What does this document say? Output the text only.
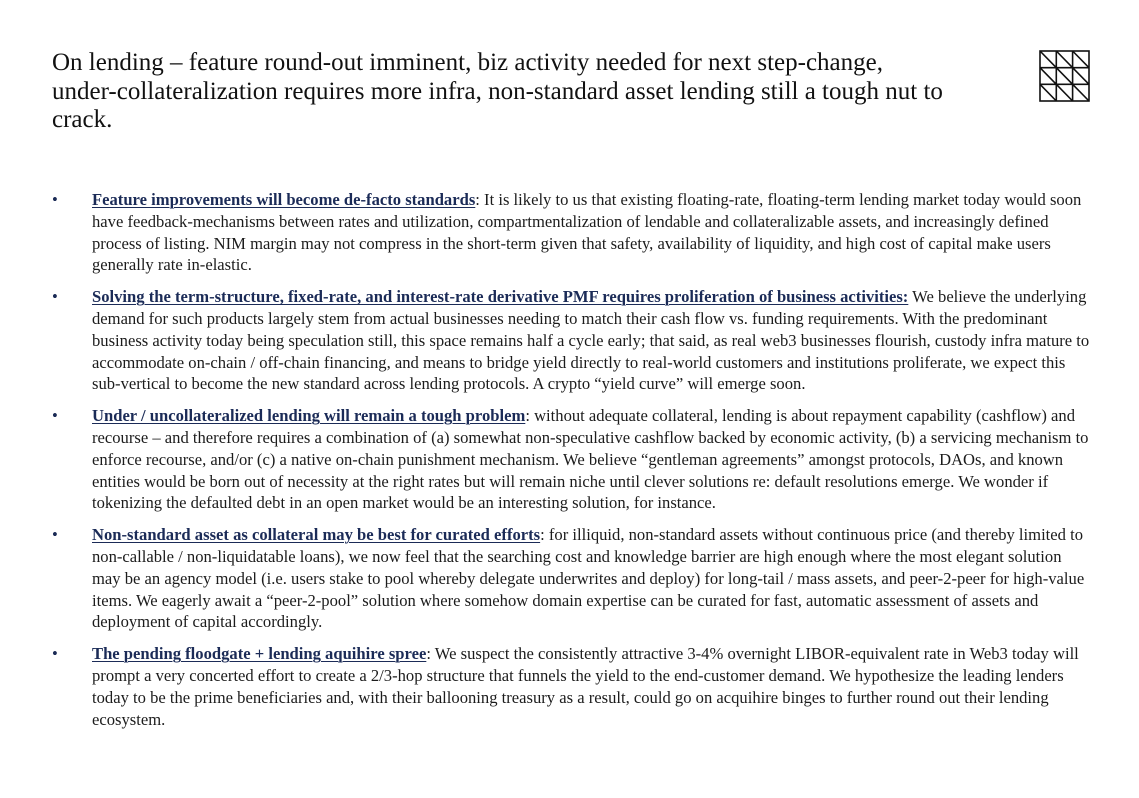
On lending – feature round-out imminent, biz activity needed for next step-change, under-collateralization requires more infra, non-standard asset lending still a tough nut to crack.
•	Feature improvements will become de-facto standards: It is likely to us that existing floating-rate, floating-term lending market today would soon have feedback-mechanisms between rates and utilization, compartmentalization of lendable and collateralizable assets, and increasingly defined process of listing. NIM margin may not compress in the short-term given that safety, availability of liquidity, and high cost of capital make users generally rate in-elastic.
•	Solving the term-structure, fixed-rate, and interest-rate derivative PMF requires proliferation of business activities: We believe the underlying demand for such products largely stem from actual businesses needing to match their cash flow vs. funding requirements. With the predominant business activity today being speculation still, this space remains half a cycle early; that said, as real web3 businesses flourish, custody infra mature to accommodate on-chain / off-chain financing, and means to bridge yield directly to real-world customers and institutions proliferate, we expect this sub-vertical to become the new standard across lending protocols. A crypto “yield curve” will emerge soon.
•	Under / uncollateralized lending will remain a tough problem: without adequate collateral, lending is about repayment capability (cashflow) and recourse – and therefore requires a combination of (a) somewhat non-speculative cashflow backed by economic activity, (b) a servicing mechanism to enforce recourse, and/or (c) a native on-chain punishment mechanism. We believe “gentleman agreements” amongst protocols, DAOs, and known entities would be born out of necessity at the right rates but will remain niche until clever solutions re: default resolutions emerge. We wonder if tokenizing the defaulted debt in an open market would be an interesting solution, for instance.
•	Non-standard asset as collateral may be best for curated efforts: for illiquid, non-standard assets without continuous price (and thereby limited to non-callable / non-liquidatable loans), we now feel that the searching cost and knowledge barrier are high enough where the most elegant solution may be an agency model (i.e. users stake to pool whereby delegate underwrites and deploy) for long-tail / mass assets, and peer-2-peer for high-value items. We eagerly await a “peer-2-pool” solution where somehow domain expertise can be curated for fast, automatic assessment of assets and deployment of capital accordingly.
•	The pending floodgate + lending aquihire spree: We suspect the consistently attractive 3-4% overnight LIBOR-equivalent rate in Web3 today will prompt a very concerted effort to create a 2/3-hop structure that funnels the yield to the end-customer demand. We hypothesize the leading lenders today to be the prime beneficiaries and, with their ballooning treasury as a result, could go on acquihire binges to further round out their lending ecosystem.
